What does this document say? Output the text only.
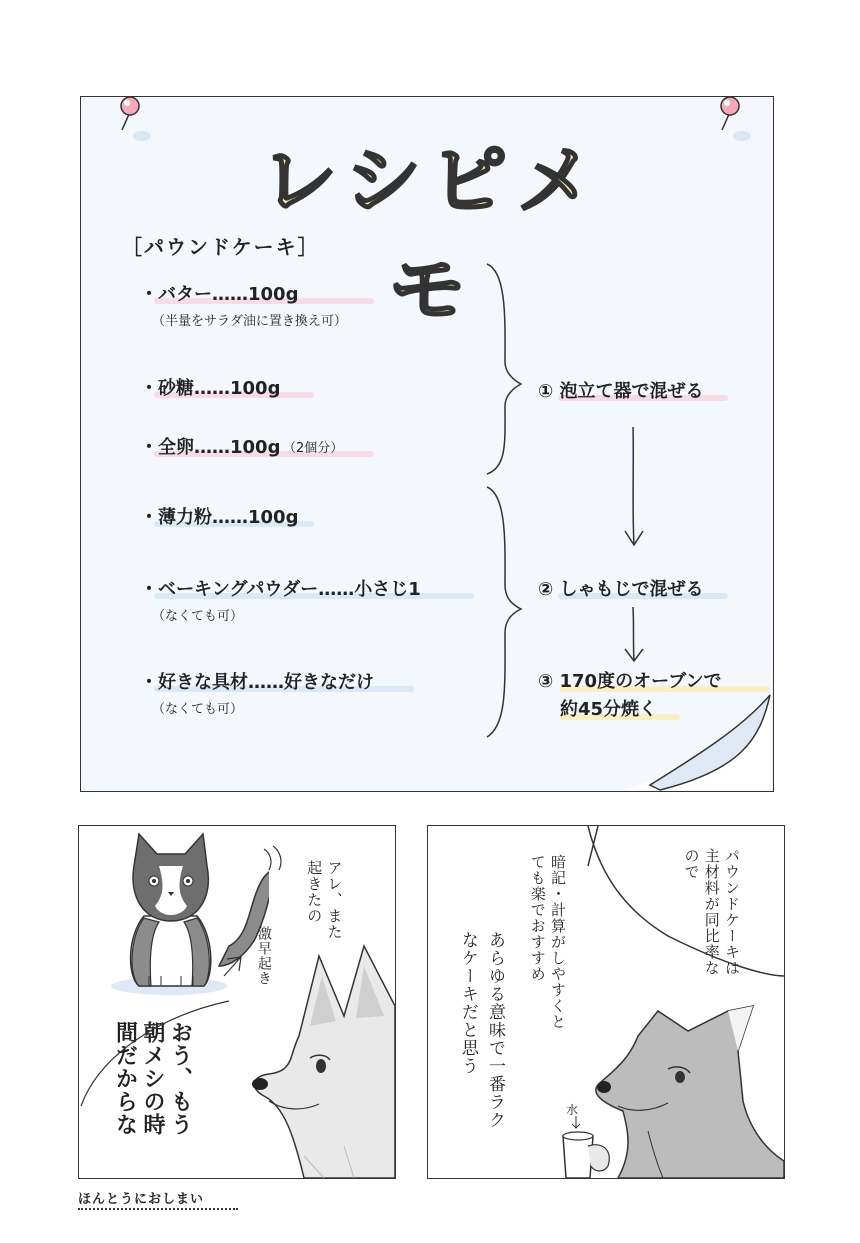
レシピメモ
［パウンドケーキ］
・バター……100g
（半量をサラダ油に置き換え可）
・砂糖……100g
・全卵……100g （2個分）
・薄力粉……100g
・ベーキングパウダー……小さじ1
（なくても可）
・好きな具材……好きなだけ
（なくても可）
① 泡立て器で混ぜる
② しゃもじで混ぜる
③ 170度のオーブンで
約45分焼く
アレ、また起きたの
激早起き
おう、もう朝メシの時間だからな	水
パウンドケーキは主材料が同比率なので
暗記・計算がしやすくとても楽でおすすめ
あらゆる意味で一番ラクなケーキだと思う
ほんとうにおしまい
